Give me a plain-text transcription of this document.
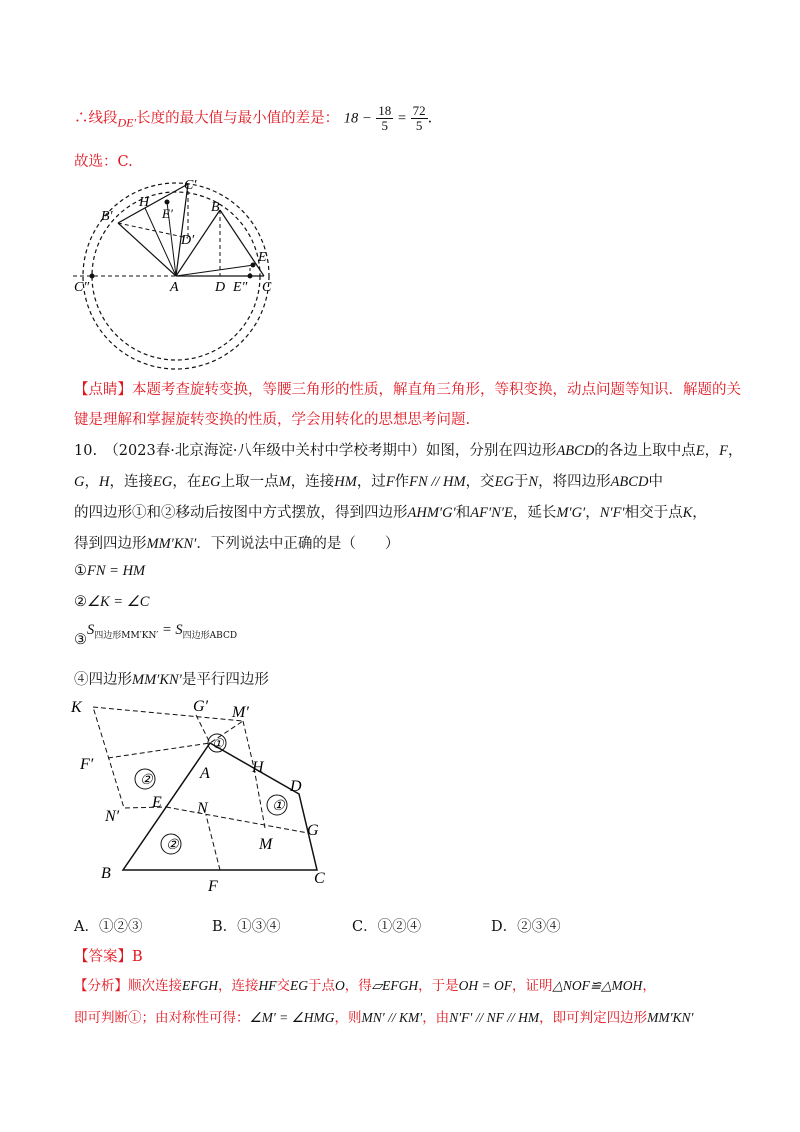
∴线段$_{DE'}$长度的最大值与最小值的差是： $18 - \frac{18}{5} = \frac{72}{5}$ .
故选：C.
C′
H
E′
B′
B
D′
E
C″	A	D E″ C
【点睛】本题考查旋转变换，等腰三角形的性质，解直角三角形，等积变换，动点问题等知识．解题的关
键是理解和掌握旋转变换的性质，学会用转化的思想思考问题.
10.　（2023春·北京海淀·八年级中关村中学校考期中）如图，分别在四边形ABCD的各边上取中点E，F，
G，H，连接EG，在EG上取一点M，连接HM，过F作FN // HM，交EG于N，将四边形ABCD中
的四边形①和②移动后按图中方式摆放，得到四边形AHM′G′和AF′N′E，延长M′G′，N′F′相交于点K，
得到四边形MM′KN′．下列说法中正确的是（　　）
①FN = HM
②∠K = ∠C
$③S_{四边形MM'KN'} = S_{四边形ABCD}$
④四边形MM′KN′是平行四边形
K	G′ M′
①
F′
A	H
D
②
①
N′
E N
G
②	M
B
F	C
A．①②③	B．①③④	C．①②④	D．②③④
【答案】B
【分析】顺次连接EFGH，连接HF交EG于点O，得▱EFGH，于是OH = OF，证明△NOF≌△MOH，
即可判断①；由对称性可得：∠M′ = ∠HMG，则MN′ // KM′，由N′F′ // NF // HM，即可判定四边形MM′KN′
